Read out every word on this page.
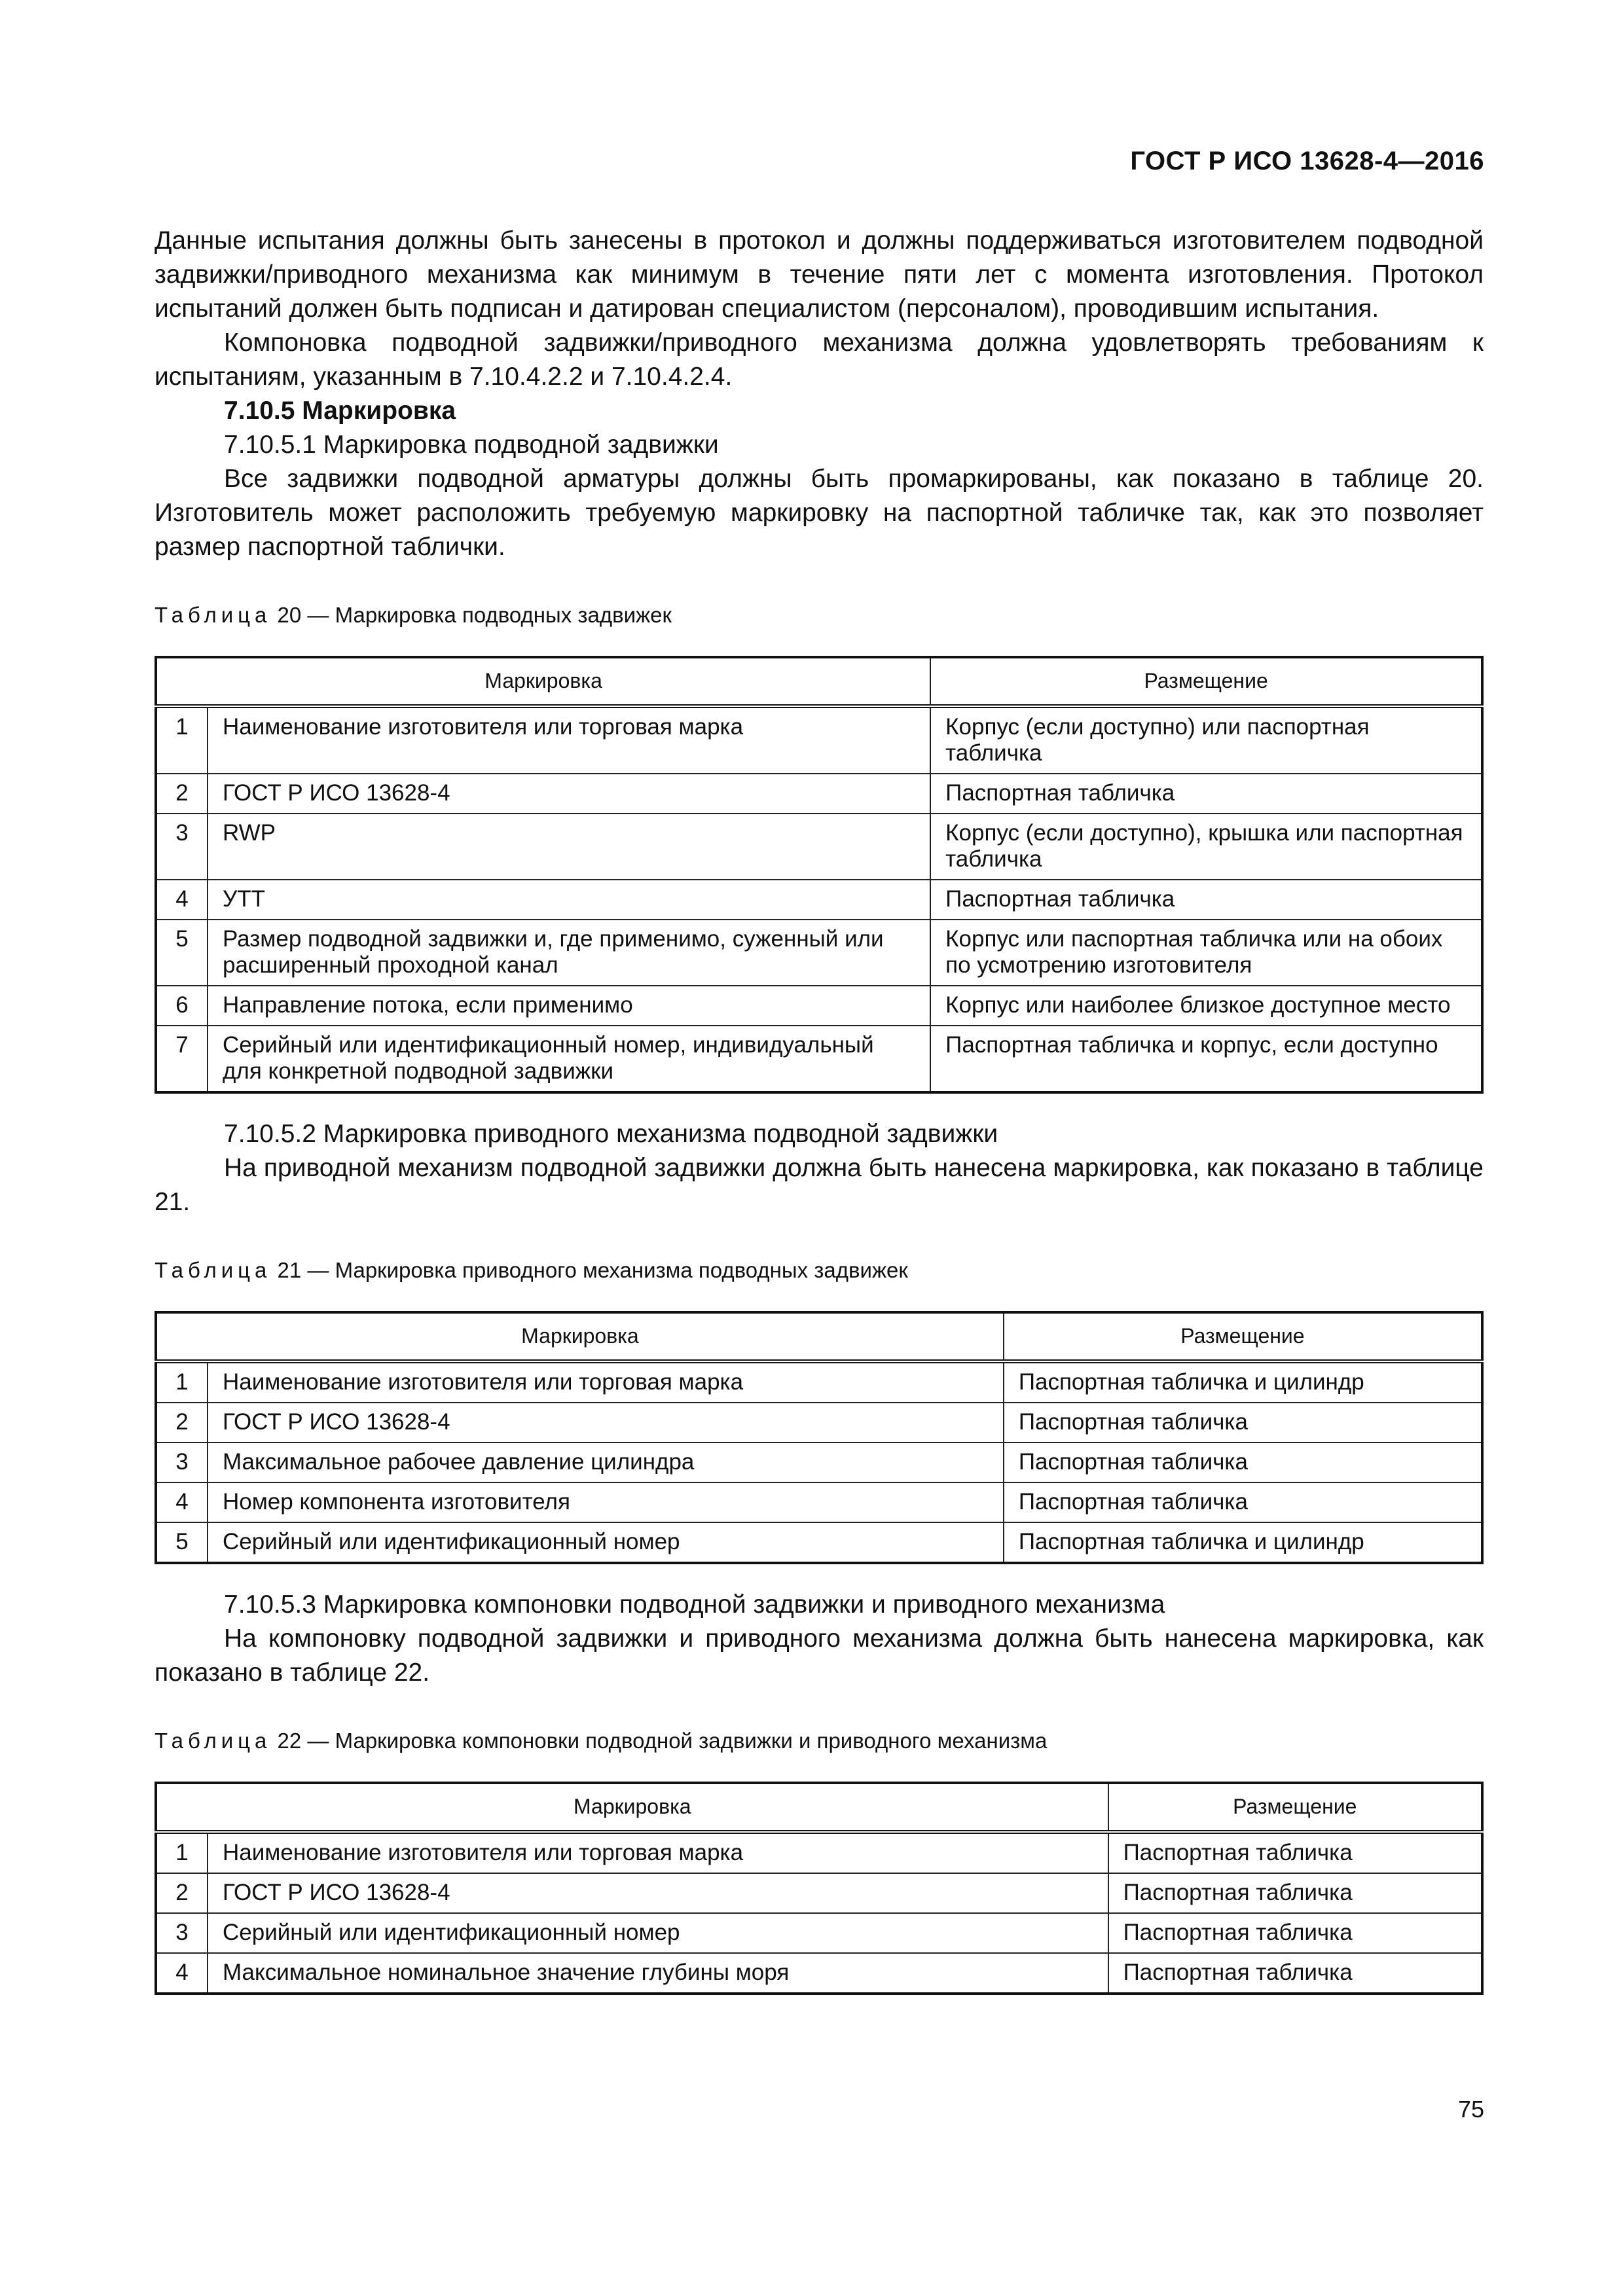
ГОСТ Р ИСО 13628-4—2016

Данные испытания должны быть занесены в протокол и должны поддерживаться изготовителем подводной задвижки/приводного механизма как минимум в течение пяти лет с момента изготовления. Протокол испытаний должен быть подписан и датирован специалистом (персоналом), проводившим испытания.

Компоновка подводной задвижки/приводного механизма должна удовлетворять требованиям к испытаниям, указанным в 7.10.4.2.2 и 7.10.4.2.4.

7.10.5 Маркировка

7.10.5.1 Маркировка подводной задвижки

Все задвижки подводной арматуры должны быть промаркированы, как показано в таблице 20. Изготовитель может расположить требуемую маркировку на паспортной табличке так, как это позволяет размер паспортной таблички.

Таблица 20 — Маркировка подводных задвижек

Маркировка		Размещение
1	Наименование изготовителя или торговая марка	Корпус (если доступно) или паспортная табличка
2	ГОСТ Р ИСО 13628-4	Паспортная табличка
3	RWP	Корпус (если доступно), крышка или паспортная табличка
4	УТТ	Паспортная табличка
5	Размер подводной задвижки и, где применимо, суженный или расширенный проходной канал	Корпус или паспортная табличка или на обоих по усмотрению изготовителя
6	Направление потока, если применимо	Корпус или наиболее близкое доступное место
7	Серийный или идентификационный номер, индивидуальный для конкретной подводной задвижки	Паспортная табличка и корпус, если доступно

7.10.5.2 Маркировка приводного механизма подводной задвижки

На приводной механизм подводной задвижки должна быть нанесена маркировка, как показано в таблице 21.

Таблица 21 — Маркировка приводного механизма подводных задвижек

Маркировка		Размещение
1	Наименование изготовителя или торговая марка	Паспортная табличка и цилиндр
2	ГОСТ Р ИСО 13628-4	Паспортная табличка
3	Максимальное рабочее давление цилиндра	Паспортная табличка
4	Номер компонента изготовителя	Паспортная табличка
5	Серийный или идентификационный номер	Паспортная табличка и цилиндр

7.10.5.3 Маркировка компоновки подводной задвижки и приводного механизма

На компоновку подводной задвижки и приводного механизма должна быть нанесена маркировка, как показано в таблице 22.

Таблица 22 — Маркировка компоновки подводной задвижки и приводного механизма

Маркировка		Размещение
1	Наименование изготовителя или торговая марка	Паспортная табличка
2	ГОСТ Р ИСО 13628-4	Паспортная табличка
3	Серийный или идентификационный номер	Паспортная табличка
4	Максимальное номинальное значение глубины моря	Паспортная табличка
75
